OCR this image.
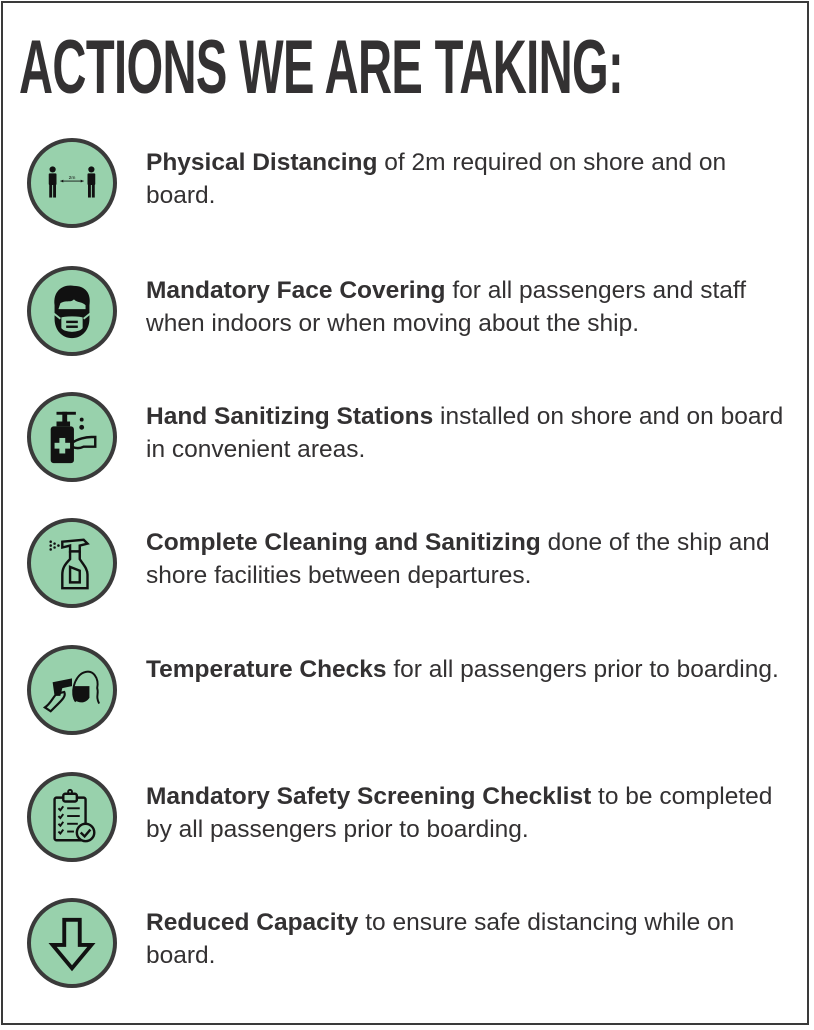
ACTIONS WE ARE TAKING:
2m
Physical Distancing of 2m required on shore and on board.
Mandatory Face Covering for all passengers and staff when indoors or when moving about the ship.
Hand Sanitizing Stations installed on shore and on board in convenient areas.
Complete Cleaning and Sanitizing done of the ship and shore facilities between departures.
Temperature Checks for all passengers prior to boarding.
Mandatory Safety Screening Checklist to be completed by all passengers prior to boarding.
Reduced Capacity to ensure safe distancing while on board.
